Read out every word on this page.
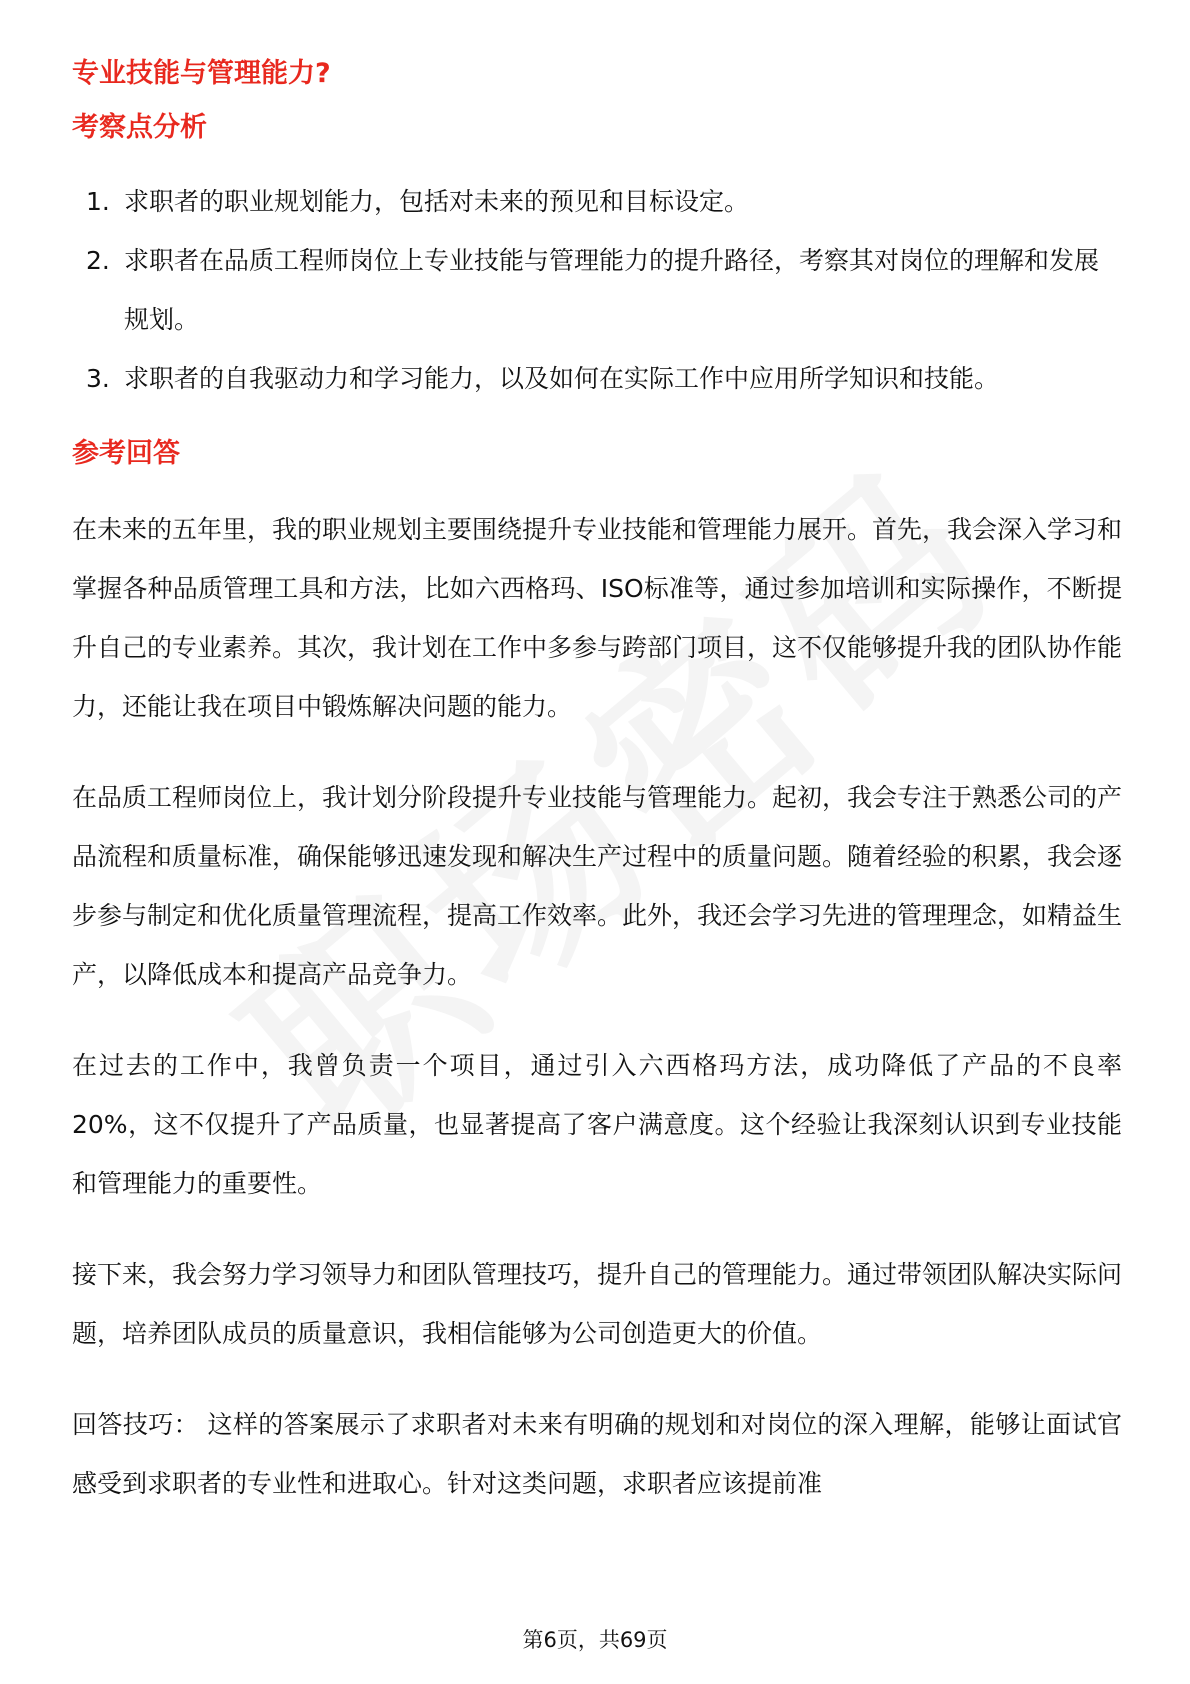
专业技能与管理能力?
考察点分析
1. 求职者的职业规划能力，包括对未来的预见和目标设定。
2. 求职者在品质工程师岗位上专业技能与管理能力的提升路径，考察其对岗位的理解和发展规划。
3. 求职者的自我驱动力和学习能力，以及如何在实际工作中应用所学知识和技能。
参考回答

在未来的五年里，我的职业规划主要围绕提升专业技能和管理能力展开。首先，我会深入学习和掌握各种品质管理工具和方法，比如六西格玛、ISO标准等，通过参加培训和实际操作，不断提升自己的专业素养。其次，我计划在工作中多参与跨部门项目，这不仅能够提升我的团队协作能力，还能让我在项目中锻炼解决问题的能力。

在品质工程师岗位上，我计划分阶段提升专业技能与管理能力。起初，我会专注于熟悉公司的产品流程和质量标准，确保能够迅速发现和解决生产过程中的质量问题。随着经验的积累，我会逐步参与制定和优化质量管理流程，提高工作效率。此外，我还会学习先进的管理理念，如精益生产，以降低成本和提高产品竞争力。

在过去的工作中，我曾负责一个项目，通过引入六西格玛方法，成功降低了产品的不良率20%，这不仅提升了产品质量，也显著提高了客户满意度。这个经验让我深刻认识到专业技能和管理能力的重要性。

接下来，我会努力学习领导力和团队管理技巧，提升自己的管理能力。通过带领团队解决实际问题，培养团队成员的质量意识，我相信能够为公司创造更大的价值。

回答技巧： 这样的答案展示了求职者对未来有明确的规划和对岗位的深入理解，能够让面试官感受到求职者的专业性和进取心。针对这类问题，求职者应该提前准

第6页，共69页
